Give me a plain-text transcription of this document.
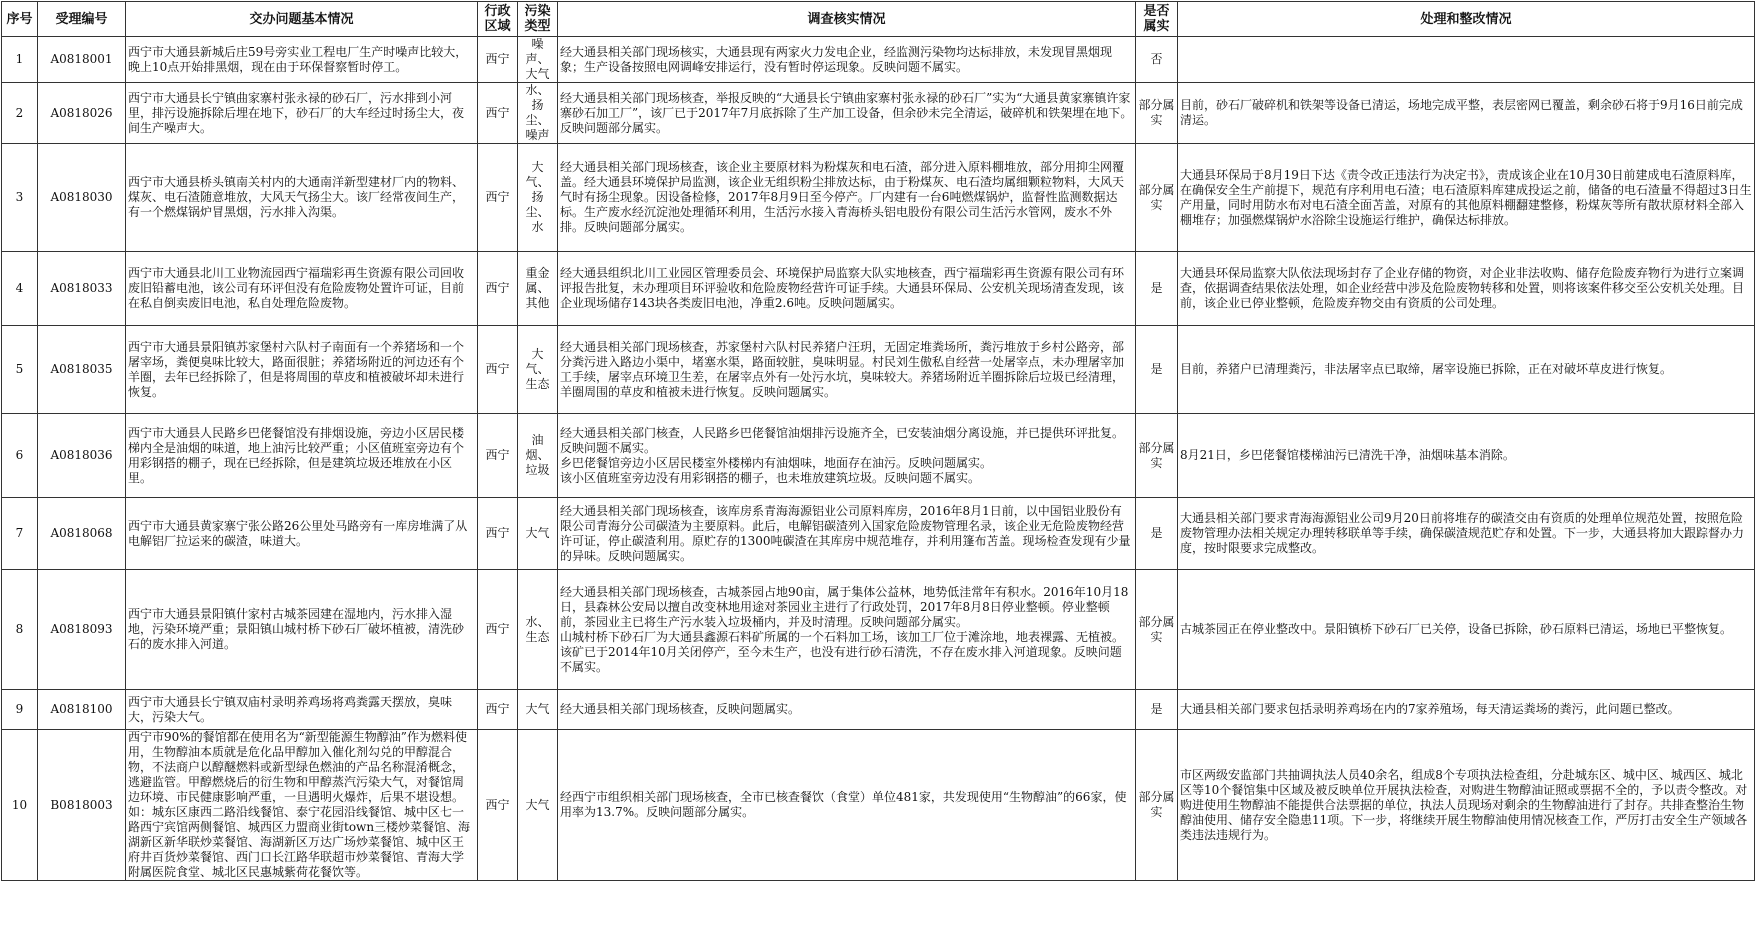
序号	受理编号	交办问题基本情况	行政区域	污染类型	调查核实情况	是否属实	处理和整改情况
1	A0818001	西宁市大通县新城后庄59号旁实业工程电厂生产时噪声比较大，晚上10点开始排黑烟，现在由于环保督察暂时停工。	西宁	噪声、大气	经大通县相关部门现场核实，大通县现有两家火力发电企业，经监测污染物均达标排放，未发现冒黑烟现象；生产设备按照电网调峰安排运行，没有暂时停运现象。反映问题不属实。	否	
2	A0818026	西宁市大通县长宁镇曲家寨村张永禄的砂石厂，污水排到小河里，排污设施拆除后埋在地下，砂石厂的大车经过时扬尘大，夜间生产噪声大。	西宁	水、扬尘、噪声	经大通县相关部门现场核查，举报反映的“大通县长宁镇曲家寨村张永禄的砂石厂”实为“大通县黄家寨镇许家寨砂石加工厂”，该厂已于2017年7月底拆除了生产加工设备，但余砂未完全清运，破碎机和铁架埋在地下。反映问题部分属实。	部分属实	目前，砂石厂破碎机和铁架等设备已清运，场地完成平整，表层密网已覆盖，剩余砂石将于9月16日前完成清运。
3	A0818030	西宁市大通县桥头镇南关村内的大通南洋新型建材厂内的物料、煤灰、电石渣随意堆放，大风天气扬尘大。该厂经常夜间生产，有一个燃煤锅炉冒黑烟，污水排入沟渠。	西宁	大气、扬尘、水	经大通县相关部门现场核查，该企业主要原材料为粉煤灰和电石渣，部分进入原料棚堆放，部分用抑尘网覆盖。经大通县环境保护局监测，该企业无组织粉尘排放达标，由于粉煤灰、电石渣均属细颗粒物料，大风天气时有扬尘现象。因设备检修，2017年8月9日至今停产。厂内建有一台6吨燃煤锅炉，监督性监测数据达标。生产废水经沉淀池处理循环利用，生活污水接入青海桥头铝电股份有限公司生活污水管网，废水不外排。反映问题部分属实。	部分属实	大通县环保局于8月19日下达《责令改正违法行为决定书》，责成该企业在10月30日前建成电石渣原料库，在确保安全生产前提下，规范有序利用电石渣；电石渣原料库建成投运之前，储备的电石渣量不得超过3日生产用量，同时用防水布对电石渣全面苫盖，对原有的其他原料棚翻建整修，粉煤灰等所有散状原材料全部入棚堆存；加强燃煤锅炉水浴除尘设施运行维护，确保达标排放。
4	A0818033	西宁市大通县北川工业物流园西宁福瑞彩再生资源有限公司回收废旧铅蓄电池，该公司有环评但没有危险废物处置许可证，目前在私自倒卖废旧电池，私自处理危险废物。	西宁	重金属、其他	经大通县组织北川工业园区管理委员会、环境保护局监察大队实地核查，西宁福瑞彩再生资源有限公司有环评报告批复，未办理项目环评验收和危险废物经营许可证手续。大通县环保局、公安机关现场清查发现，该企业现场储存143块各类废旧电池，净重2.6吨。反映问题属实。	是	大通县环保局监察大队依法现场封存了企业存储的物资，对企业非法收购、储存危险废弃物行为进行立案调查，依据调查结果依法处理，如企业经营中涉及危险废物转移和处置，则将该案件移交至公安机关处理。目前，该企业已停业整顿，危险废弃物交由有资质的公司处理。
5	A0818035	西宁市大通县景阳镇苏家堡村六队村子南面有一个养猪场和一个屠宰场，粪便臭味比较大，路面很脏；养猪场附近的河边还有个羊圈，去年已经拆除了，但是将周围的草皮和植被破坏却未进行恢复。	西宁	大气、生态	经大通县相关部门现场核查，苏家堡村六队村民养猪户汪玥，无固定堆粪场所，粪污堆放于乡村公路旁，部分粪污进入路边小渠中，堵塞水渠，路面较脏，臭味明显。村民刘生傲私自经营一处屠宰点，未办理屠宰加工手续，屠宰点环境卫生差，在屠宰点外有一处污水坑，臭味较大。养猪场附近羊圈拆除后垃圾已经清理，羊圈周围的草皮和植被未进行恢复。反映问题属实。	是	目前，养猪户已清理粪污，非法屠宰点已取缔，屠宰设施已拆除，正在对破坏草皮进行恢复。
6	A0818036	西宁市大通县人民路乡巴佬餐馆没有排烟设施，旁边小区居民楼梯内全是油烟的味道，地上油污比较严重；小区值班室旁边有个用彩钢搭的棚子，现在已经拆除，但是建筑垃圾还堆放在小区里。	西宁	油烟、垃圾	经大通县相关部门核查，人民路乡巴佬餐馆油烟排污设施齐全，已安装油烟分离设施，并已提供环评批复。反映问题不属实。
乡巴佬餐馆旁边小区居民楼室外楼梯内有油烟味，地面存在油污。反映问题属实。
该小区值班室旁边没有用彩钢搭的棚子，也未堆放建筑垃圾。反映问题不属实。	部分属实	8月21日，乡巴佬餐馆楼梯油污已清洗干净，油烟味基本消除。
7	A0818068	西宁市大通县黄家寨宁张公路26公里处马路旁有一库房堆满了从电解铝厂拉运来的碳渣，味道大。	西宁	大气	经大通县相关部门现场核查，该库房系青海海源铝业公司原料库房，2016年8月1日前，以中国铝业股份有限公司青海分公司碳渣为主要原料。此后，电解铝碳渣列入国家危险废物管理名录，该企业无危险废物经营许可证，停止碳渣利用。原贮存的1300吨碳渣在其库房中规范堆存，并利用篷布苫盖。现场检查发现有少量的异味。反映问题属实。	是	大通县相关部门要求青海海源铝业公司9月20日前将堆存的碳渣交由有资质的处理单位规范处置，按照危险废物管理办法相关规定办理转移联单等手续，确保碳渣规范贮存和处置。下一步，大通县将加大跟踪督办力度，按时限要求完成整改。
8	A0818093	西宁市大通县景阳镇什家村古城茶园建在湿地内，污水排入湿地，污染环境严重；景阳镇山城村桥下砂石厂破坏植被，清洗砂石的废水排入河道。	西宁	水、生态	经大通县相关部门现场核查，古城茶园占地90亩，属于集体公益林，地势低洼常年有积水。2016年10月18日，县森林公安局以擅自改变林地用途对茶园业主进行了行政处罚，2017年8月8日停业整顿。停业整顿前，茶园业主已将生产污水装入垃圾桶内，并及时清理。反映问题部分属实。
山城村桥下砂石厂为大通县鑫源石料矿所属的一个石料加工场，该加工厂位于滩涂地，地表裸露、无植被。该矿已于2014年10月关闭停产，至今未生产，也没有进行砂石清洗，不存在废水排入河道现象。反映问题不属实。	部分属实	古城茶园正在停业整改中。景阳镇桥下砂石厂已关停，设备已拆除，砂石原料已清运，场地已平整恢复。
9	A0818100	西宁市大通县长宁镇双庙村录明养鸡场将鸡粪露天摆放，臭味大，污染大气。	西宁	大气	经大通县相关部门现场核查，反映问题属实。	是	大通县相关部门要求包括录明养鸡场在内的7家养殖场，每天清运粪场的粪污，此问题已整改。
10	B0818003	西宁市90%的餐馆都在使用名为“新型能源生物醇油”作为燃料使用，生物醇油本质就是危化品甲醇加入催化剂勾兑的甲醇混合物，不法商户以醇醚燃料或新型绿色燃油的产品名称混淆概念，逃避监管。甲醇燃烧后的衍生物和甲醇蒸汽污染大气，对餐馆周边环境、市民健康影响严重，一旦遇明火爆炸，后果不堪设想。如：城东区康西二路沿线餐馆、泰宁花园沿线餐馆、城中区七一路西宁宾馆两侧餐馆、城西区力盟商业街town三楼炒菜餐馆、海湖新区新华联炒菜餐馆、海湖新区万达广场炒菜餐馆、城中区王府井百货炒菜餐馆、西门口长江路华联超市炒菜餐馆、青海大学附属医院食堂、城北区民惠城紫荷花餐饮等。	西宁	大气	经西宁市组织相关部门现场核查，全市已核查餐饮（食堂）单位481家，共发现使用“生物醇油”的66家，使用率为13.7%。反映问题部分属实。	部分属实	市区两级安监部门共抽调执法人员40余名，组成8个专项执法检查组，分赴城东区、城中区、城西区、城北区等10个餐馆集中区域及被反映单位开展执法检查，对购进生物醇油证照或票据不全的，予以责令整改。对购进使用生物醇油不能提供合法票据的单位，执法人员现场对剩余的生物醇油进行了封存。共排查整治生物醇油使用、储存安全隐患11项。下一步，将继续开展生物醇油使用情况核查工作，严厉打击安全生产领域各类违法违规行为。
